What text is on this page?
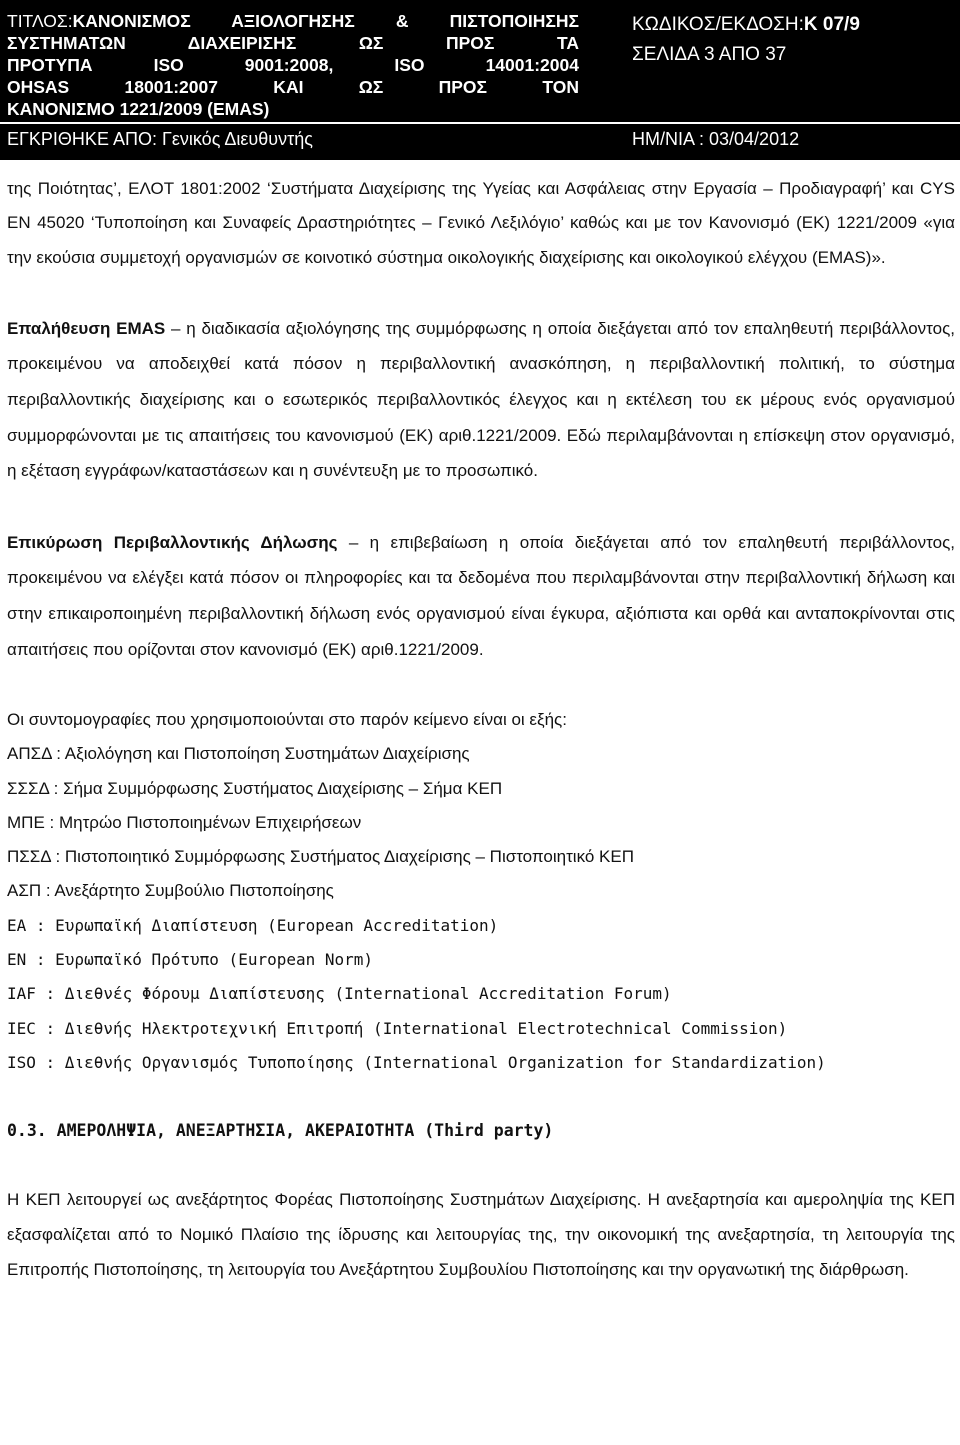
ΤΙΤΛΟΣ:ΚΑΝΟΝΙΣΜΟΣ ΑΞΙΟΛΟΓΗΣΗΣ & ΠΙΣΤΟΠΟΙΗΣΗΣ
ΣΥΣΤΗΜΑΤΩΝ ΔΙΑΧΕΙΡΙΣΗΣ ΩΣ ΠΡΟΣ ΤΑ
ΠΡΟΤΥΠΑ ISO 9001:2008, ISO 14001:2004
OHSAS 18001:2007 ΚΑΙ ΩΣ ΠΡΟΣ ΤΟΝ
ΚΑΝΟΝΙΣΜΟ 1221/2009 (EMAS)
ΚΩΔΙΚΟΣ/ΕΚΔΟΣΗ:Κ 07/9
ΣΕΛΙΔΑ 3 ΑΠΟ 37
ΕΓΚΡΙΘΗΚΕ ΑΠΟ: Γενικός Διευθυντής	ΗΜ/ΝΙΑ : 03/04/2012

της Ποιότητας’, ΕΛΟΤ 1801:2002 ‘Συστήματα Διαχείρισης της Υγείας και Ασφάλειας στην Εργασία – Προδιαγραφή’ και CYS EN 45020 ‘Τυποποίηση και Συναφείς Δραστηριότητες – Γενικό Λεξιλόγιο’ καθώς και με τον Κανονισμό (ΕΚ) 1221/2009 «για την εκούσια συμμετοχή οργανισμών σε κοινοτικό σύστημα οικολογικής διαχείρισης και οικολογικού ελέγχου (EMAS)».

Επαλήθευση EMAS – η διαδικασία αξιολόγησης της συμμόρφωσης η οποία διεξάγεται από τον επαληθευτή περιβάλλοντος, προκειμένου να αποδειχθεί κατά πόσον η περιβαλλοντική ανασκόπηση, η περιβαλλοντική πολιτική, το σύστημα περιβαλλοντικής διαχείρισης και ο εσωτερικός περιβαλλοντικός έλεγχος και η εκτέλεση του εκ μέρους ενός οργανισμού συμμορφώνονται με τις απαιτήσεις του κανονισμού (ΕΚ) αριθ.1221/2009. Εδώ περιλαμβάνονται η επίσκεψη στον οργανισμό, η εξέταση εγγράφων/καταστάσεων και η συνέντευξη με το προσωπικό.

Επικύρωση Περιβαλλοντικής Δήλωσης – η επιβεβαίωση η οποία διεξάγεται από τον επαληθευτή περιβάλλοντος, προκειμένου να ελέγξει κατά πόσον οι πληροφορίες και τα δεδομένα που περιλαμβάνονται στην περιβαλλοντική δήλωση και στην επικαιροποιημένη περιβαλλοντική δήλωση ενός οργανισμού είναι έγκυρα, αξιόπιστα και ορθά και ανταποκρίνονται στις απαιτήσεις που ορίζονται στον κανονισμό (ΕΚ) αριθ.1221/2009.

Οι συντομογραφίες που χρησιμοποιούνται στο παρόν κείμενο είναι οι εξής:
ΑΠΣΔ : Αξιολόγηση και Πιστοποίηση Συστημάτων Διαχείρισης
ΣΣΣΔ : Σήμα Συμμόρφωσης Συστήματος Διαχείρισης – Σήμα ΚΕΠ
ΜΠΕ : Μητρώο Πιστοποιημένων Επιχειρήσεων
ΠΣΣΔ : Πιστοποιητικό Συμμόρφωσης Συστήματος Διαχείρισης – Πιστοποιητικό ΚΕΠ
ΑΣΠ : Ανεξάρτητο Συμβούλιο Πιστοποίησης
ΕΑ : Ευρωπαϊκή Διαπίστευση (European Accreditation)
ΕΝ : Ευρωπαϊκό Πρότυπο (European Norm)
IAF : Διεθνές Φόρουμ Διαπίστευσης (International Accreditation Forum)
IEC : Διεθνής Ηλεκτροτεχνική Επιτροπή (International Electrotechnical Commission)
ISO : Διεθνής Οργανισμός Τυποποίησης (International Organization for Standardization)
0.3. ΑΜΕΡΟΛΗΨΙΑ, ΑΝΕΞΑΡΤΗΣΙΑ, ΑΚΕΡΑΙΟΤΗΤΑ (Third party)

Η ΚΕΠ λειτουργεί ως ανεξάρτητος Φορέας Πιστοποίησης Συστημάτων Διαχείρισης. Η ανεξαρτησία και αμεροληψία της ΚΕΠ εξασφαλίζεται από το Νομικό Πλαίσιο της ίδρυσης και λειτουργίας της, την οικονομική της ανεξαρτησία, τη λειτουργία της Επιτροπής Πιστοποίησης, τη λειτουργία του Ανεξάρτητου Συμβουλίου Πιστοποίησης και την οργανωτική της διάρθρωση.
